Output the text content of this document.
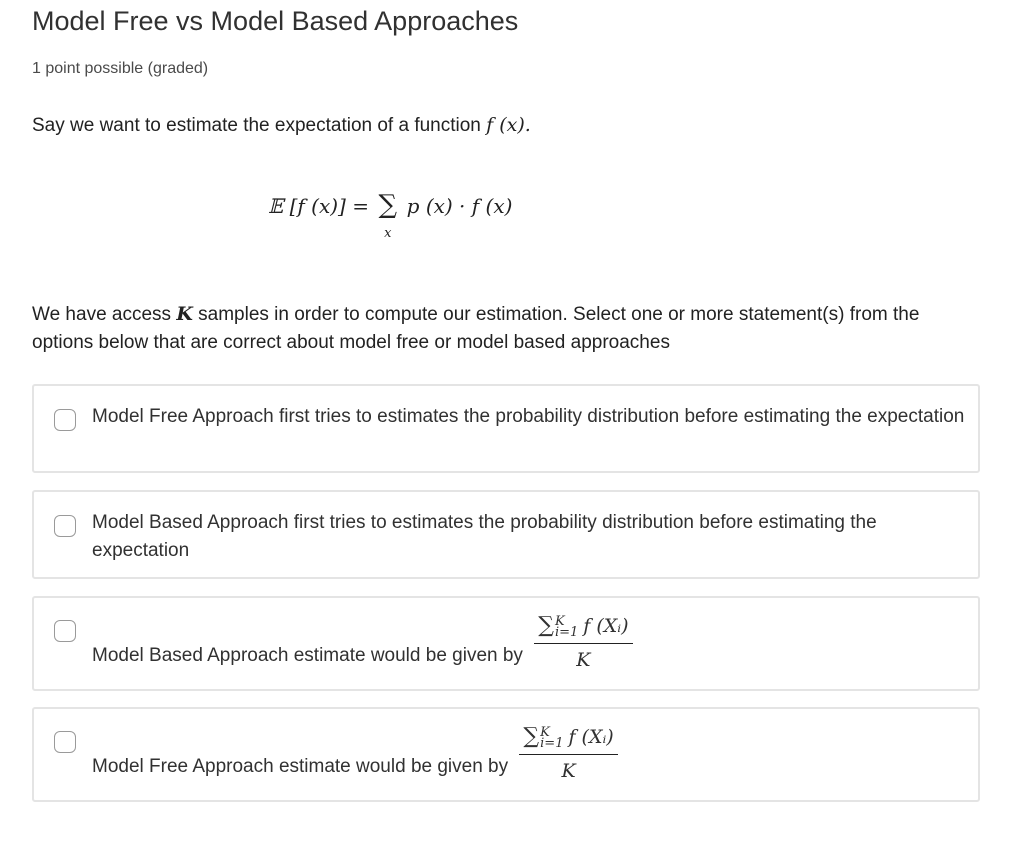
Model Free vs Model Based Approaches
1 point possible (graded)
Say we want to estimate the expectation of a function f (x).
𝔼 [f (x)] = ∑
x
p (x) · f (x)

We have access K samples in order to compute our estimation. Select one or more statement(s) from the options below that are correct about model free or model based approaches

Model Free Approach first tries to estimates the probability distribution before estimating the expectation
Model Based Approach first tries to estimates the probability distribution before estimating the expectation
Model Based Approach estimate would be given by ∑ K
i=1 f (Xᵢ)
K
Model Free Approach estimate would be given by ∑ K
i=1 f (Xᵢ)
K
